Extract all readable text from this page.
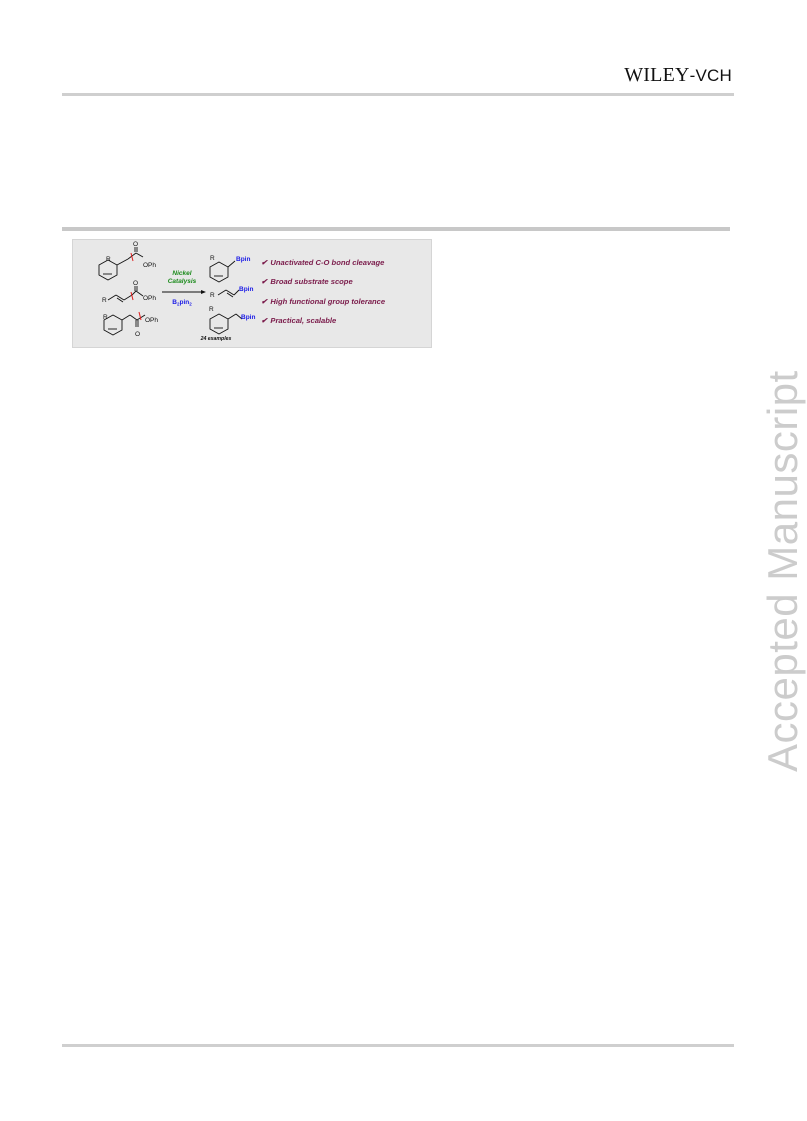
WILEY-VCH
R
O
OPh
R
O
OPh
R	OPh
O
R
R
R
Nickel
Catalysis
$B_2pin_2$
Bpin
Bpin
Bpin
24 examples
✔ Unactivated C-O bond cleavage
✔ Broad substrate scope
✔ High functional group tolerance
✔ Practical, scalable
Accepted Manuscript
